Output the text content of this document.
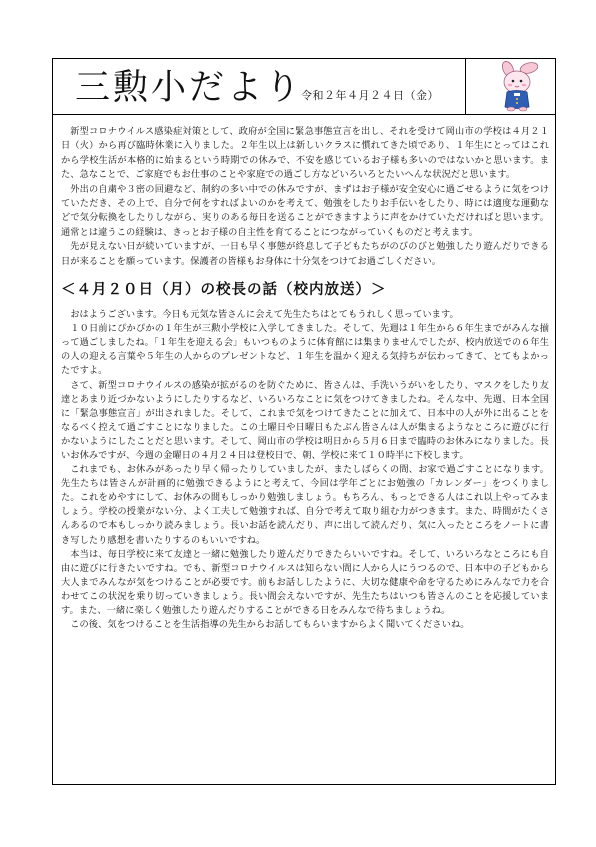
三勲小だより
令和２年４月２４日（金）

新型コロナウイルス感染症対策として、政府が全国に緊急事態宣言を出し、それを受けて岡山市の学校は４月２１日（火）から再び臨時休業に入りました。２年生以上は新しいクラスに慣れてきた頃であり、１年生にとってはこれから学校生活が本格的に始まるという時期での休みで、不安を感じているお子様も多いのではないかと思います。また、急なことで、ご家庭でもお仕事のことや家庭での過ごし方などいろいろとたいへんな状況だと思います。

外出の自粛や３密の回避など、制約の多い中での休みですが、まずはお子様が安全安心に過ごせるように気をつけていただき、その上で、自分で何をすればよいのかを考えて、勉強をしたりお手伝いをしたり、時には適度な運動などで気分転換をしたりしながら、実りのある毎日を送ることができますように声をかけていただければと思います。通常とは違うこの経験は、きっとお子様の自主性を育てることにつながっていくものだと考えます。

先が見えない日が続いていますが、一日も早く事態が終息して子どもたちがのびのびと勉強したり遊んだりできる日が来ることを願っています。保護者の皆様もお身体に十分気をつけてお過ごしください。

＜４月２０日（月）の校長の話（校内放送）＞

おはようございます。今日も元気な皆さんに会えて先生たちはとてもうれしく思っています。

１０日前にぴかぴかの１年生が三勲小学校に入学してきました。そして、先週は１年生から６年生までがみんな揃って過ごしましたね。「１年生を迎える会」もいつものように体育館には集まりませんでしたが、校内放送での６年生の人の迎える言葉や５年生の人からのプレゼントなど、１年生を温かく迎える気持ちが伝わってきて、とてもよかったですよ。

さて、新型コロナウイルスの感染が拡がるのを防ぐために、皆さんは、手洗いうがいをしたり、マスクをしたり友達とあまり近づかないようにしたりするなど、いろいろなことに気をつけてきましたね。そんな中、先週、日本全国に「緊急事態宣言」が出されました。そして、これまで気をつけてきたことに加えて、日本中の人が外に出ることをなるべく控えて過ごすことになりました。この土曜日や日曜日もたぶん皆さんは人が集まるようなところに遊びに行かないようにしたことだと思います。そして、岡山市の学校は明日から５月６日まで臨時のお休みになりました。長いお休みですが、今週の金曜日の４月２４日は登校日で、朝、学校に来て１０時半に下校します。

これまでも、お休みがあったり早く帰ったりしていましたが、またしばらくの間、お家で過ごすことになります。先生たちは皆さんが計画的に勉強できるようにと考えて、今回は学年ごとにお勉強の「カレンダー」をつくりました。これをめやすにして、お休みの間もしっかり勉強しましょう。もちろん、もっとできる人はこれ以上やってみましょう。学校の授業がない分、よく工夫して勉強すれば、自分で考えて取り組む力がつきます。また、時間がたくさんあるので本もしっかり読みましょう。長いお話を読んだり、声に出して読んだり、気に入ったところをノートに書き写したり感想を書いたりするのもいいですね。

本当は、毎日学校に来て友達と一緒に勉強したり遊んだりできたらいいですね。そして、いろいろなところにも自由に遊びに行きたいですね。でも、新型コロナウイルスは知らない間に人から人にうつるので、日本中の子どもから大人までみんなが気をつけることが必要です。前もお話ししたように、大切な健康や命を守るためにみんなで力を合わせてこの状況を乗り切っていきましょう。長い間会えないですが、先生たちはいつも皆さんのことを応援しています。また、一緒に楽しく勉強したり遊んだりすることができる日をみんなで待ちましょうね。

この後、気をつけることを生活指導の先生からお話してもらいますからよく聞いてくださいね。
